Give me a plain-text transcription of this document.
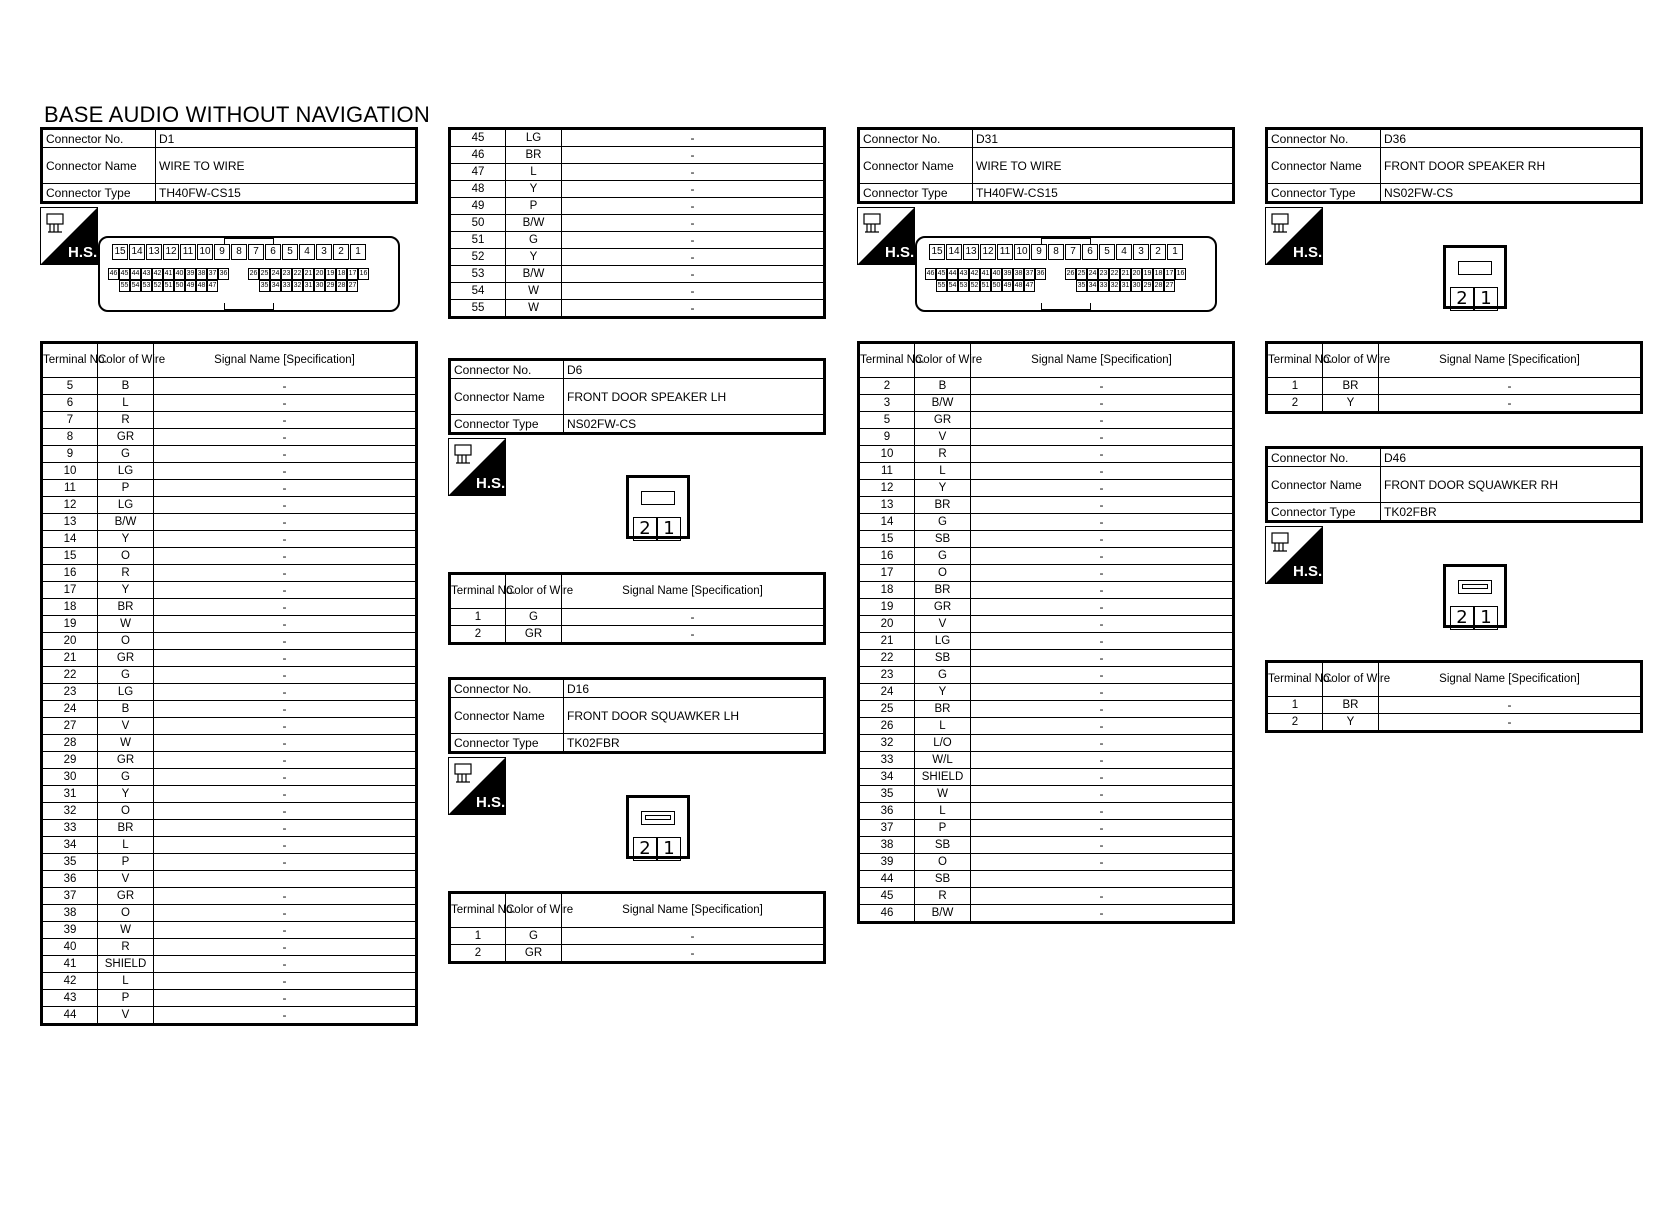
BASE AUDIO WITHOUT NAVIGATION
Connector No.	D1
Connector Name	WIRE TO WIRE
Connector Type	TH40FW-CS15
H.S. 15 14 13 12 11 10 9	8	7	6	5	4	3	2	1
46 45 44 43 42 41 40 39 38 37 36	26 25 24 23 22 21 20 19 18 17 16
55 54 53 52 51 50 49 48 47	35 34 33 32 31 30 29 28 27
Terminal No.	Color of Wire	Signal Name [Specification]
5	B	-
6	L	-
7	R	-
8	GR	-
9	G	-
10	LG	-
11	P	-
12	LG	-
13	B/W	-
14	Y	-
15	O	-
16	R	-
17	Y	-
18	BR	-
19	W	-
20	O	-
21	GR	-
22	G	-
23	LG	-
24	B	-
27	V	-
28	W	-
29	GR	-
30	G	-
31	Y	-
32	O	-
33	BR	-
34	L	-
35	P	-
36	V	
37	GR	-
38	O	-
39	W	-
40	R	-
41	SHIELD	-
42	L	-
43	P	-
44	V	-
45	LG	-
46	BR	-
47	L	-
48	Y	-
49	P	-
50	B/W	-
51	G	-
52	Y	-
53	B/W	-
54	W	-
55	W	-
Connector No.	D6
Connector Name	FRONT DOOR SPEAKER LH
Connector Type	NS02FW-CS
H.S.
2 1
Terminal No.	Color of Wire	Signal Name [Specification]
1	G	-
2	GR	-
Connector No.	D16
Connector Name	FRONT DOOR SQUAWKER LH
Connector Type	TK02FBR
H.S.
2 1
Terminal No.	Color of Wire	Signal Name [Specification]
1	G	-
2	GR	-
Connector No.	D31
Connector Name	WIRE TO WIRE
Connector Type	TH40FW-CS15
H.S. 15 14 13 12 11 10 9	8	7	6	5	4	3	2	1
46 45 44 43 42 41 40 39 38 37 36	26 25 24 23 22 21 20 19 18 17 16
55 54 53 52 51 50 49 48 47	35 34 33 32 31 30 29 28 27
Terminal No.	Color of Wire	Signal Name [Specification]
2	B	-
3	B/W	-
5	GR	-
9	V	-
10	R	-
11	L	-
12	Y	-
13	BR	-
14	G	-
15	SB	-
16	G	-
17	O	-
18	BR	-
19	GR	-
20	V	-
21	LG	-
22	SB	-
23	G	-
24	Y	-
25	BR	-
26	L	-
32	L/O	-
33	W/L	-
34	SHIELD	-
35	W	-
36	L	-
37	P	-
38	SB	-
39	O	-
44	SB	
45	R	-
46	B/W	-
Connector No.	D36
Connector Name	FRONT DOOR SPEAKER RH
Connector Type	NS02FW-CS
H.S.
2 1
Terminal No.	Color of Wire	Signal Name [Specification]
1	BR	-
2	Y	-
Connector No.	D46
Connector Name	FRONT DOOR SQUAWKER RH
Connector Type	TK02FBR
H.S.
2 1
Terminal No.	Color of Wire	Signal Name [Specification]
1	BR	-
2	Y	-
